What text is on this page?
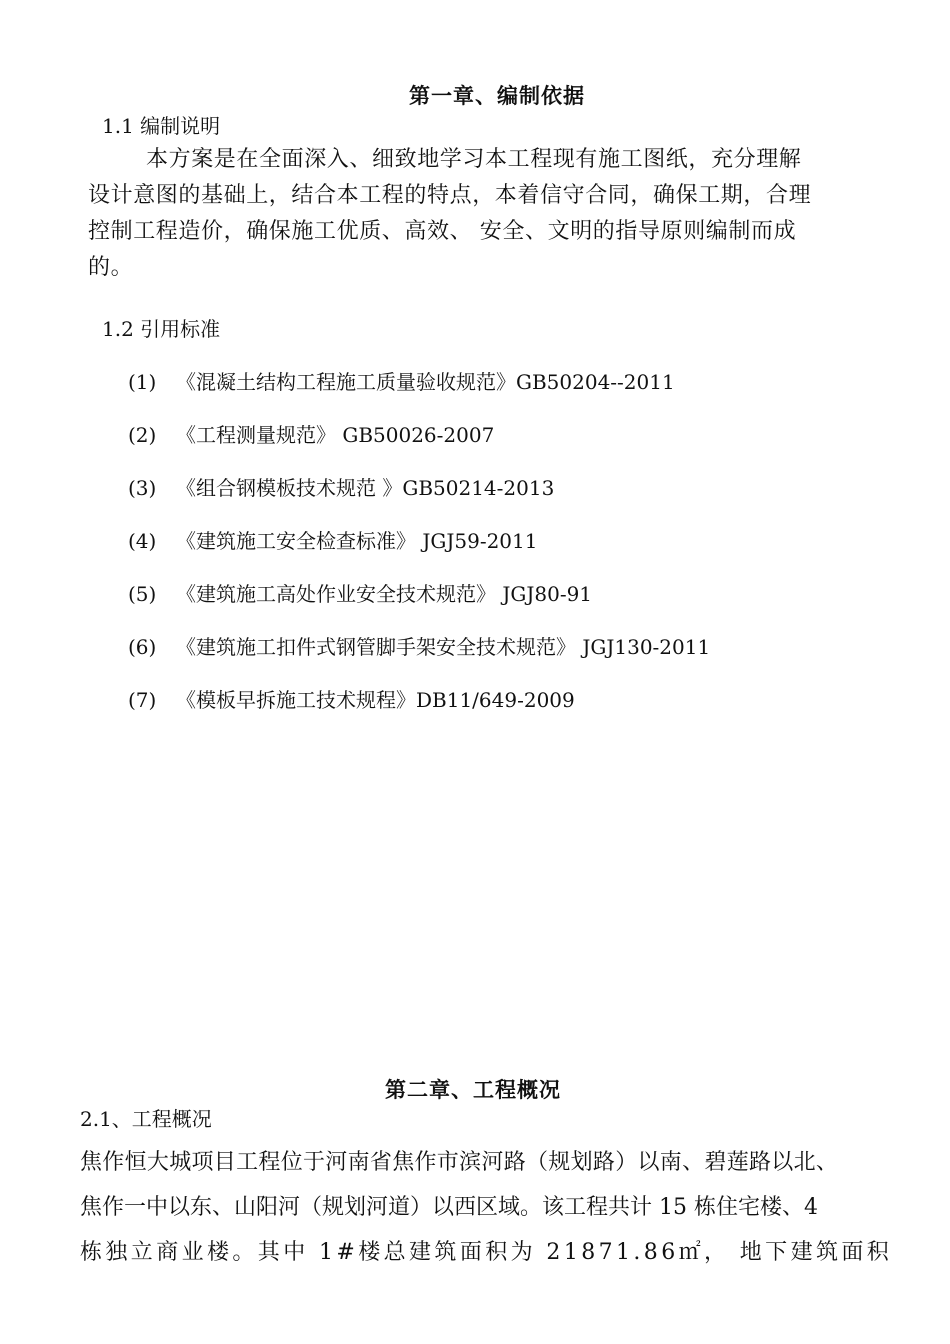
第一章、编制依据
1.1 编制说明
本方案是在全面深入、细致地学习本工程现有施工图纸，充分理解
设计意图的基础上，结合本工程的特点，本着信守合同，确保工期，合理
控制工程造价，确保施工优质、高效、 安全、文明的指导原则编制而成
的。
1.2 引用标准
(1) 《混凝土结构工程施工质量验收规范》GB50204--2011
(2) 《工程测量规范》 GB50026-2007
(3) 《组合钢模板技术规范 》GB50214-2013
(4) 《建筑施工安全检查标准》 JGJ59-2011
(5) 《建筑施工高处作业安全技术规范》 JGJ80-91
(6) 《建筑施工扣件式钢管脚手架安全技术规范》 JGJ130-2011
(7) 《模板早拆施工技术规程》DB11/649-2009
第二章、工程概况
2.1、工程概况
焦作恒大城项目工程位于河南省焦作市滨河路（规划路）以南、碧莲路以北、
焦作一中以东、山阳河（规划河道）以西区域。该工程共计 15 栋住宅楼、4
栋独立商业楼。其中 1#楼总建筑面积为 21871.86㎡， 地下建筑面积
